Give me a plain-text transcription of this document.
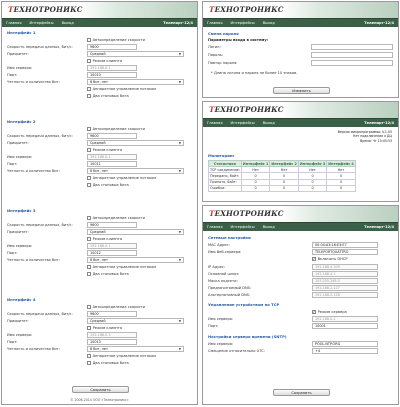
ТЕХНОТРОНИКС
Главная Интерфейсы Выход	Телепорт-12/4
Интерфейс 1
Автоопределение скорости
Скорость передачи данных, бит/с:	9600
Приоритет:	Средний	▼
Режим клиента
Имя сервера:	192.168.0.1
Порт:	10010
Четность и количество бит:	8 бит, нет	▼
Аппаратное управление потоком
Два стоповых бита
Интерфейс 2
Автоопределение скорости
Скорость передачи данных, бит/с:	9600
Приоритет:	Средний	▼
Режим клиента
Имя сервера:	192.168.0.1
Порт:	10011
Четность и количество бит:	8 бит, нет	▼
Аппаратное управление потоком
Два стоповых бита
Интерфейс 3
Автоопределение скорости
Скорость передачи данных, бит/с:	9600
Приоритет:	Средний	▼
Режим клиента
Имя сервера:	192.168.0.1
Порт:	10012
Четность и количество бит:	8 бит, нет	▼
Аппаратное управление потоком
Два стоповых бита
Интерфейс 4
Автоопределение скорости
Скорость передачи данных, бит/с:	9600
Приоритет:	Средний	▼
Режим клиента
Имя сервера:	192.168.0.1
Порт:	10013
Четность и количество бит:	8 бит, нет	▼
Аппаратное управление потоком
Два стоповых бита
Сохранить
© 2006-2014 ООО «Технотроникс»
ТЕХНОТРОНИКС
Главная Интерфейсы Выход	Телепорт-12/4
Смена пароля
Параметры входа в систему:
Логин:
Пароль:
Повтор пароля:
* Длина логина и пароля не более 10 знаков.
Изменить
ТЕХНОТРОНИКС
Главная Интерфейсы Выход	Телепорт-12/4
Версия микропрограммы: V.1.05
Нет подключения к ДЦ
Время: Чт 15:45:53
Мониторинг
Статистика	Интерфейс 1	Интерфейс 2	Интерфейс 3	Интерфейс 4
TCP соединение:	Нет	Нет	Нет	Нет
Передано, байт:	0	0	0	0
Принято, байт:	0	0	0	0
Ошибки:	0	0	0	0
ТЕХНОТРОНИКС
Главная Интерфейсы Выход	Телепорт-12/4
Сетевые настройки
MAC Адрес:	00:04:A3:16:E3:E7
Имя Веб-сервера:	TELEPORTQUATTRO
✓
Включить DHCP
IP Адрес:	192.168.4.209
Основной шлюз:	192.168.4.1
Маска подсети:	255.255.248.0
Предпочитаемый DNS:	192.168.2.127
Альтернативный DNS:	192.168.2.128
Управление устройством по TCP
✓
Режим сервера
Имя сервера:	192.168.0.1
Порт:	10001
Настройки сервера времени (SNTP)
Имя сервера:	POOL.NTP.ORG
Смещение относительно UTC:	+4
Сохранить
